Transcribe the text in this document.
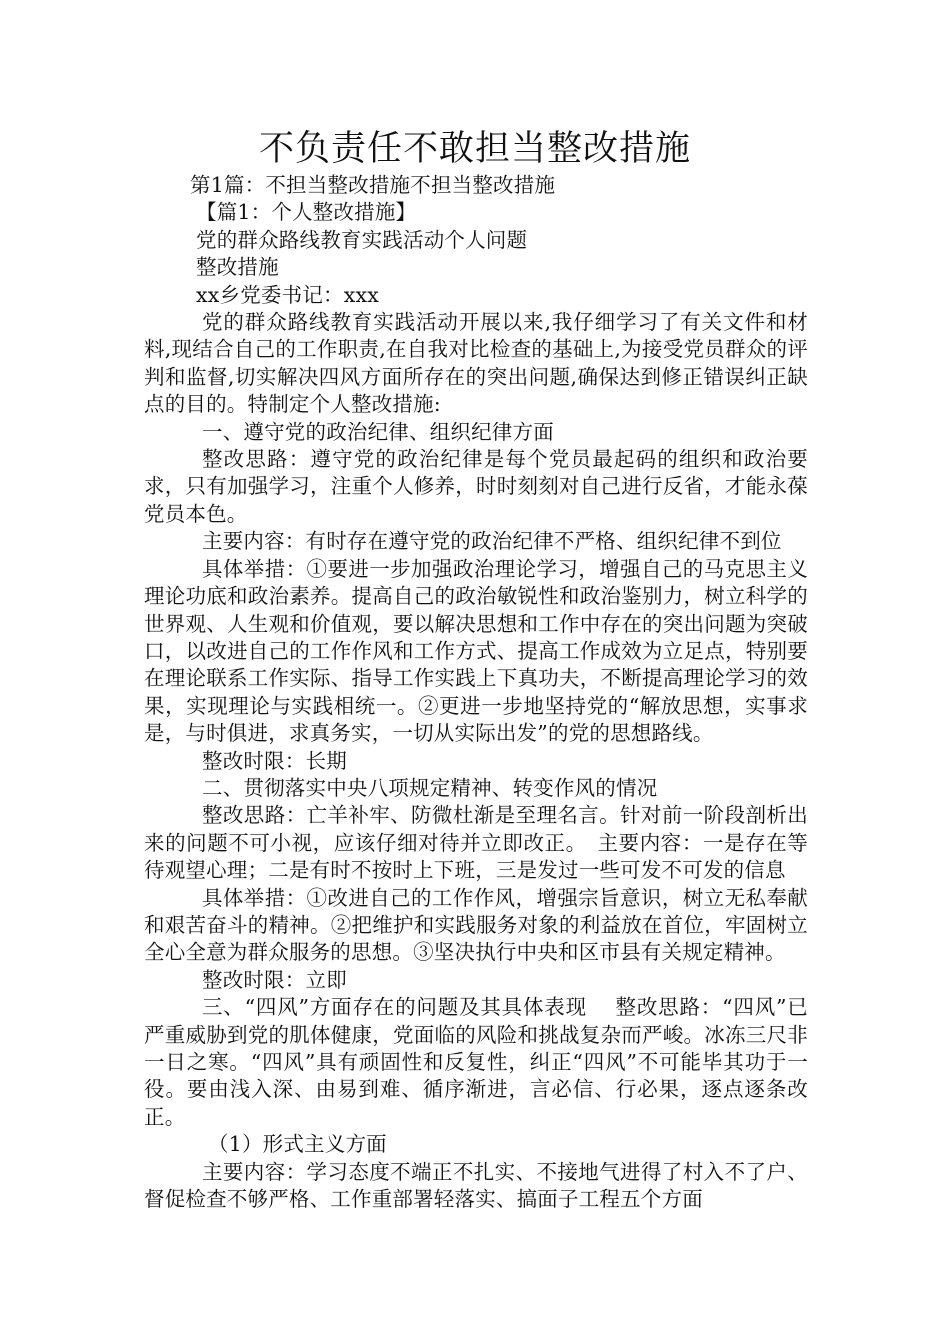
不负责任不敢担当整改措施

第1篇：不担当整改措施不担当整改措施

【篇1：个人整改措施】

党的群众路线教育实践活动个人问题

整改措施

xx乡党委书记：xxx

党的群众路线教育实践活动开展以来,我仔细学习了有关文件和材料,现结合自己的工作职责,在自我对比检查的基础上,为接受党员群众的评判和监督,切实解决四风方面所存在的突出问题,确保达到修正错误纠正缺点的目的。特制定个人整改措施:

一、遵守党的政治纪律、组织纪律方面

整改思路：遵守党的政治纪律是每个党员最起码的组织和政治要求，只有加强学习，注重个人修养，时时刻刻对自己进行反省，才能永葆党员本色。

主要内容：有时存在遵守党的政治纪律不严格、组织纪律不到位

具体举措：①要进一步加强政治理论学习，增强自己的马克思主义理论功底和政治素养。提高自己的政治敏锐性和政治鉴别力，树立科学的世界观、人生观和价值观，要以解决思想和工作中存在的突出问题为突破口，以改进自己的工作作风和工作方式、提高工作成效为立足点，特别要在理论联系工作实际、指导工作实践上下真功夫，不断提高理论学习的效果，实现理论与实践相统一。②更进一步地坚持党的“解放思想，实事求是，与时俱进，求真务实，一切从实际出发”的党的思想路线。

整改时限：长期

二、贯彻落实中央八项规定精神、转变作风的情况

整改思路：亡羊补牢、防微杜渐是至理名言。针对前一阶段剖析出来的问题不可小视，应该仔细对待并立即改正。　主要内容：一是存在等待观望心理；二是有时不按时上下班，三是发过一些可发不可发的信息

具体举措：①改进自己的工作作风，增强宗旨意识，树立无私奉献和艰苦奋斗的精神。②把维护和实践服务对象的利益放在首位，牢固树立全心全意为群众服务的思想。③坚决执行中央和区市县有关规定精神。

整改时限：立即

三、“四风”方面存在的问题及其具体表现　 整改思路：“四风”已严重威胁到党的肌体健康，党面临的风险和挑战复杂而严峻。冰冻三尺非一日之寒。“四风”具有顽固性和反复性，纠正“四风”不可能毕其功于一役。要由浅入深、由易到难、循序渐进，言必信、行必果，逐点逐条改正。

（1）形式主义方面

主要内容：学习态度不端正不扎实、不接地气进得了村入不了户、督促检查不够严格、工作重部署轻落实、搞面子工程五个方面
